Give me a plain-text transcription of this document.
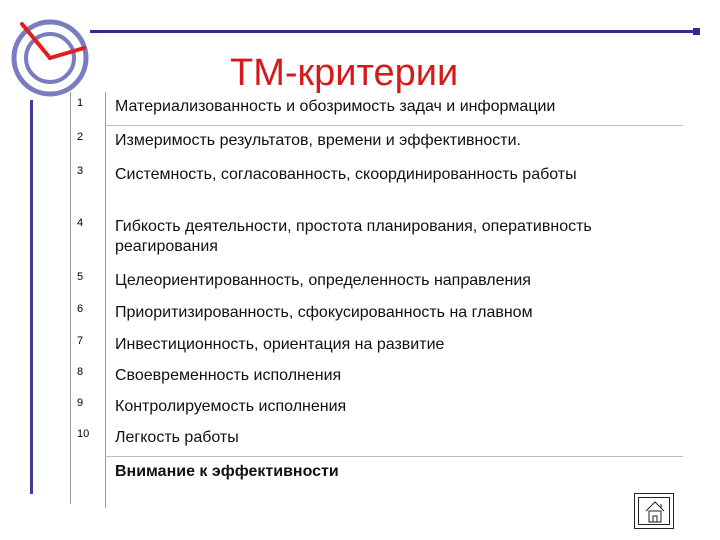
ТМ-критерии
1	Материализованность и обозримость задач и информации
2	Измеримость результатов, времени и эффективности.
3	Системность, согласованность, скоординированность работы
4	Гибкость деятельности, простота планирования, оперативность реагирования
5	Целеориентированность, определенность направления
6	Приоритизированность, сфокусированность на главном
7	Инвестиционность, ориентация на развитие
8	Своевременность исполнения
9	Контролируемость исполнения
10	Легкость работы
Внимание к эффективности
